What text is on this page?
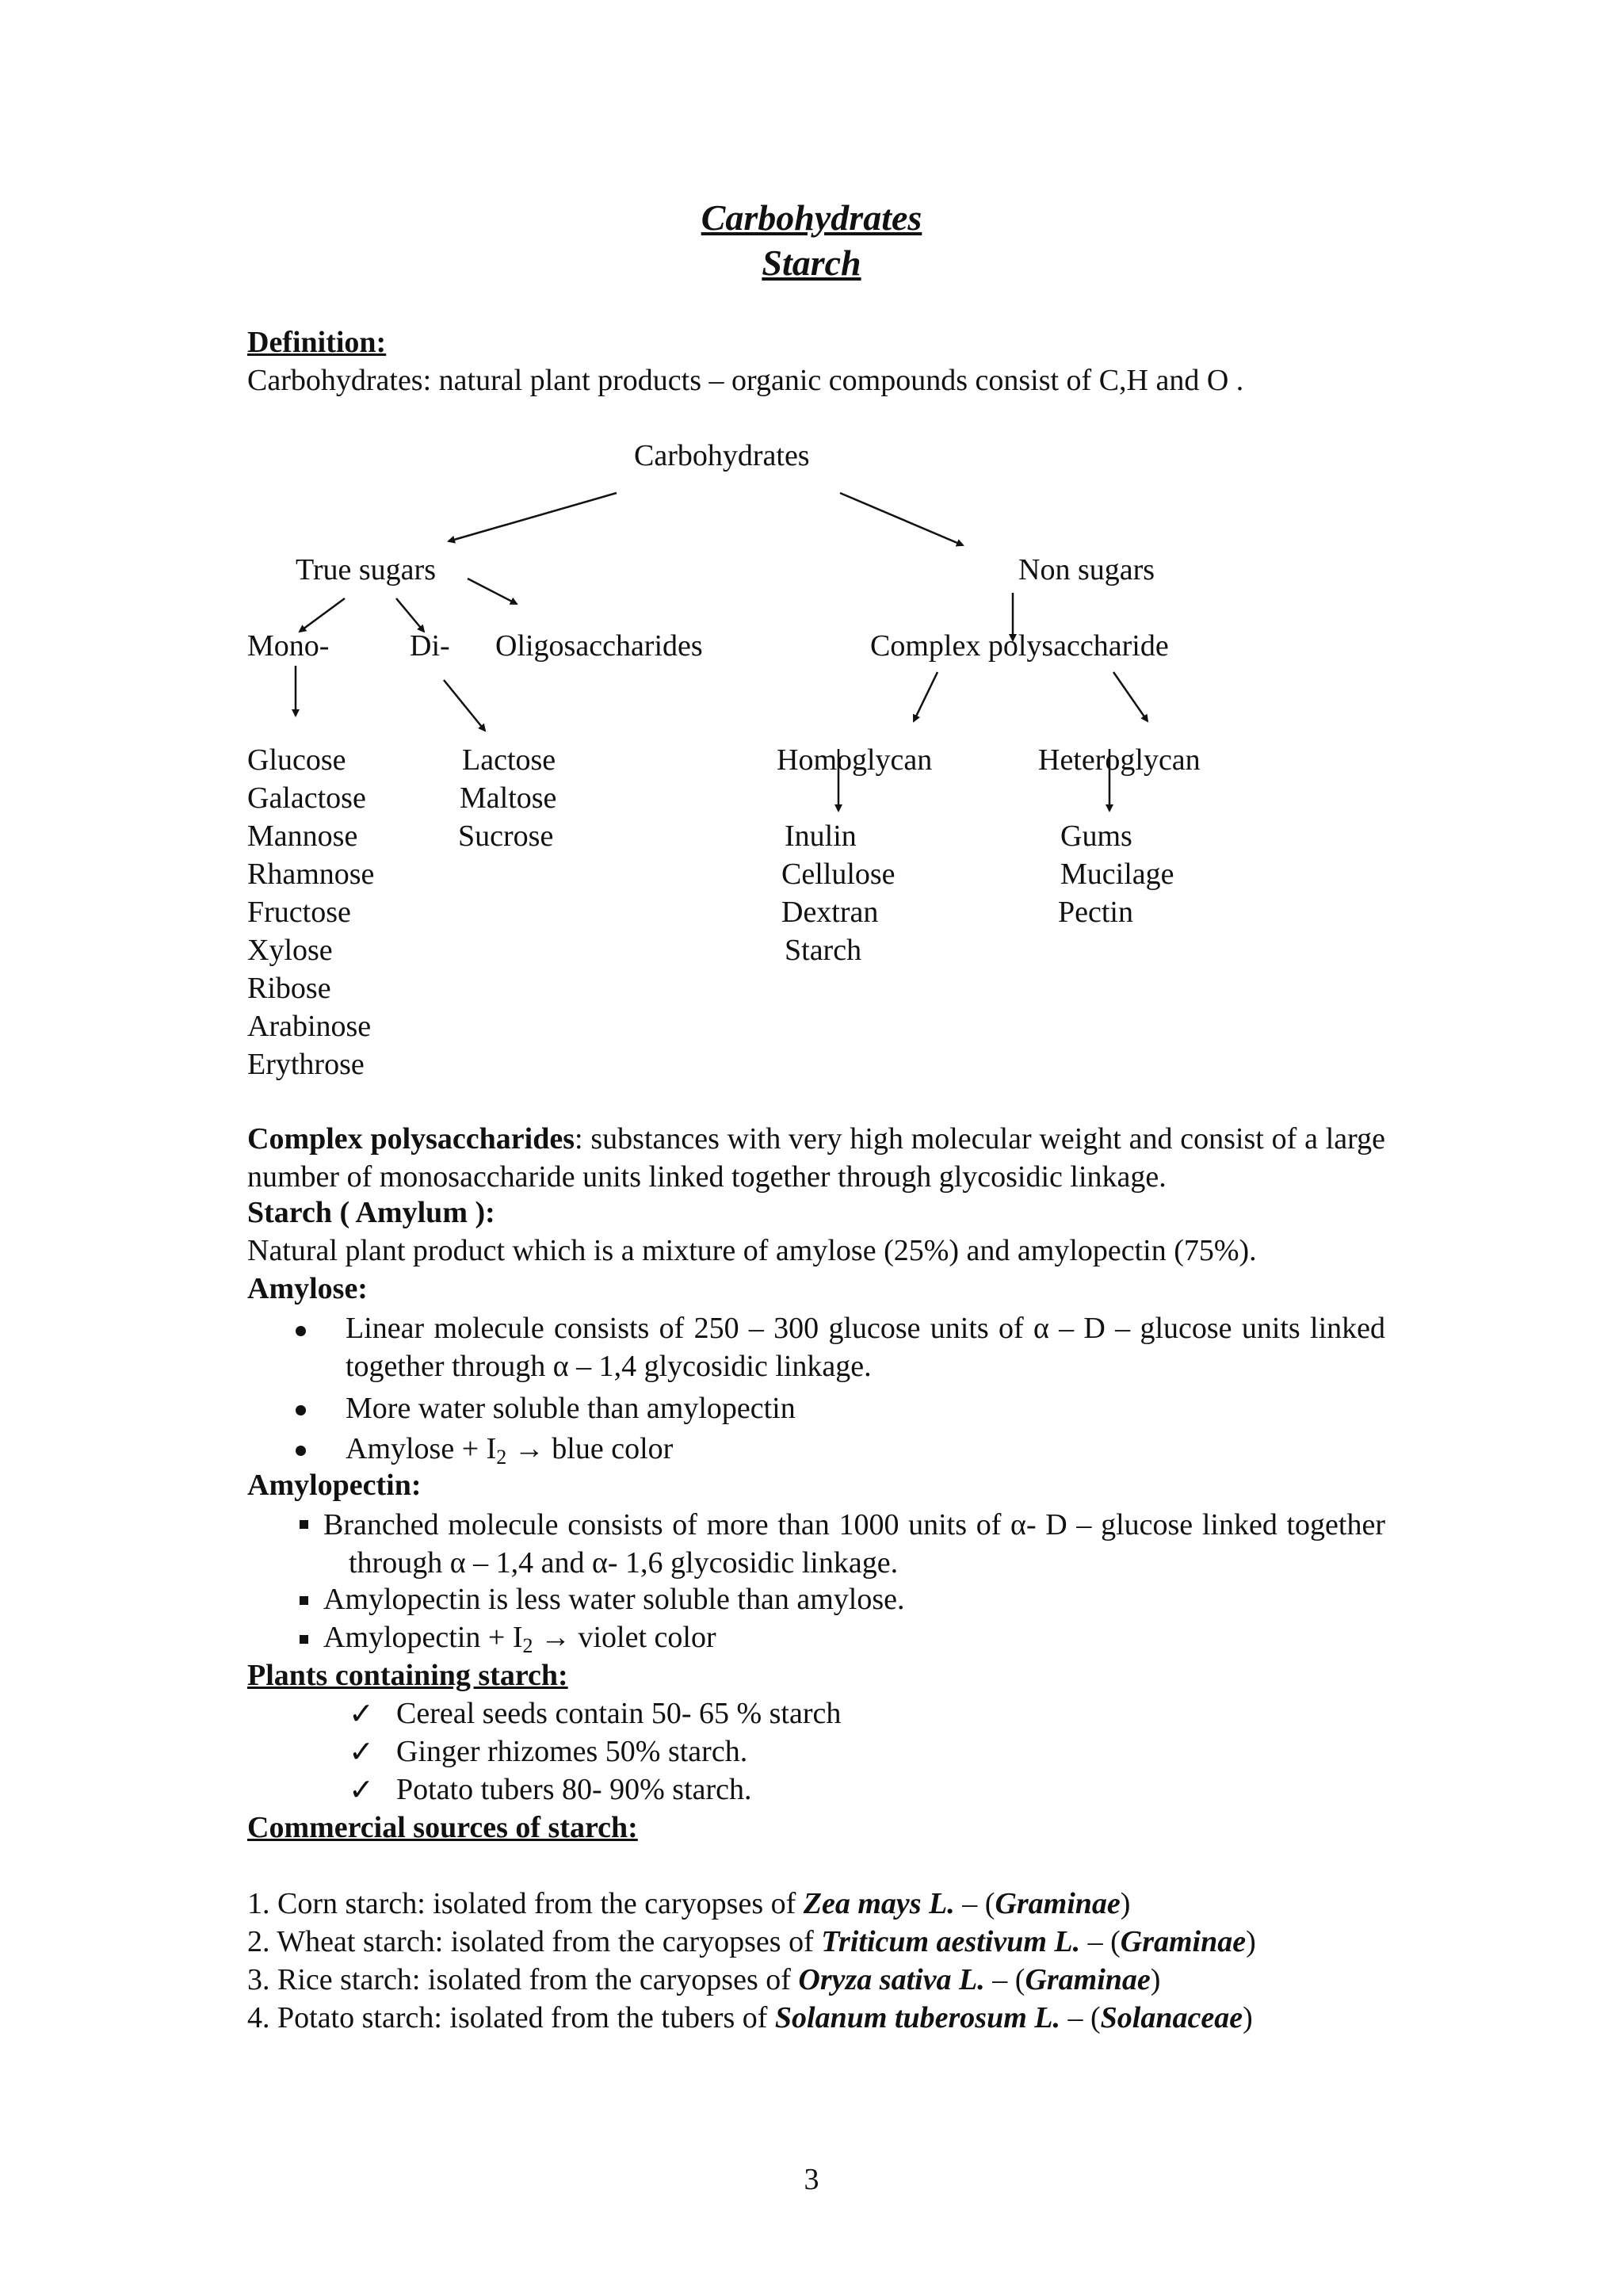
Carbohydrates
Starch
Definition:
Carbohydrates: natural plant products – organic compounds consist of C,H and O .
Carbohydrates
True sugars	Non sugars
Mono-	Di- Oligosaccharides	Complex polysaccharide
Homoglycan	Heteroglycan
Glucose
Galactose
Mannose
Rhamnose
Fructose
Xylose
Ribose
Arabinose
Erythrose
Lactose
Maltose
Sucrose	Inulin
Cellulose
Dextran
Starch
Gums
Mucilage
Pectin
Complex polysaccharides: substances with very high molecular weight and consist of a large number of monosaccharide units linked together through glycosidic linkage.
Starch ( Amylum ):
Natural plant product which is a mixture of amylose (25%) and amylopectin (75%).
Amylose:
Linear molecule consists of 250 – 300 glucose units of α – D – glucose units linked together through α – 1,4 glycosidic linkage.
More water soluble than amylopectin
Amylose + $I_2$ → blue color
Amylopectin:
Branched molecule consists of more than 1000 units of α- D – glucose linked together through α – 1,4 and α- 1,6 glycosidic linkage.
Amylopectin is less water soluble than amylose.
Amylopectin + $I_2$ → violet color
Plants containing starch:
✓ Cereal seeds contain 50- 65 % starch
✓ Ginger rhizomes 50% starch.
✓ Potato tubers 80- 90% starch.
Commercial sources of starch:
1. Corn starch: isolated from the caryopses of Zea mays L. – (Graminae)
2. Wheat starch: isolated from the caryopses of Triticum aestivum L. – (Graminae)
3. Rice starch: isolated from the caryopses of Oryza sativa L. – (Graminae)
4. Potato starch: isolated from the tubers of Solanum tuberosum L. – (Solanaceae)
3
